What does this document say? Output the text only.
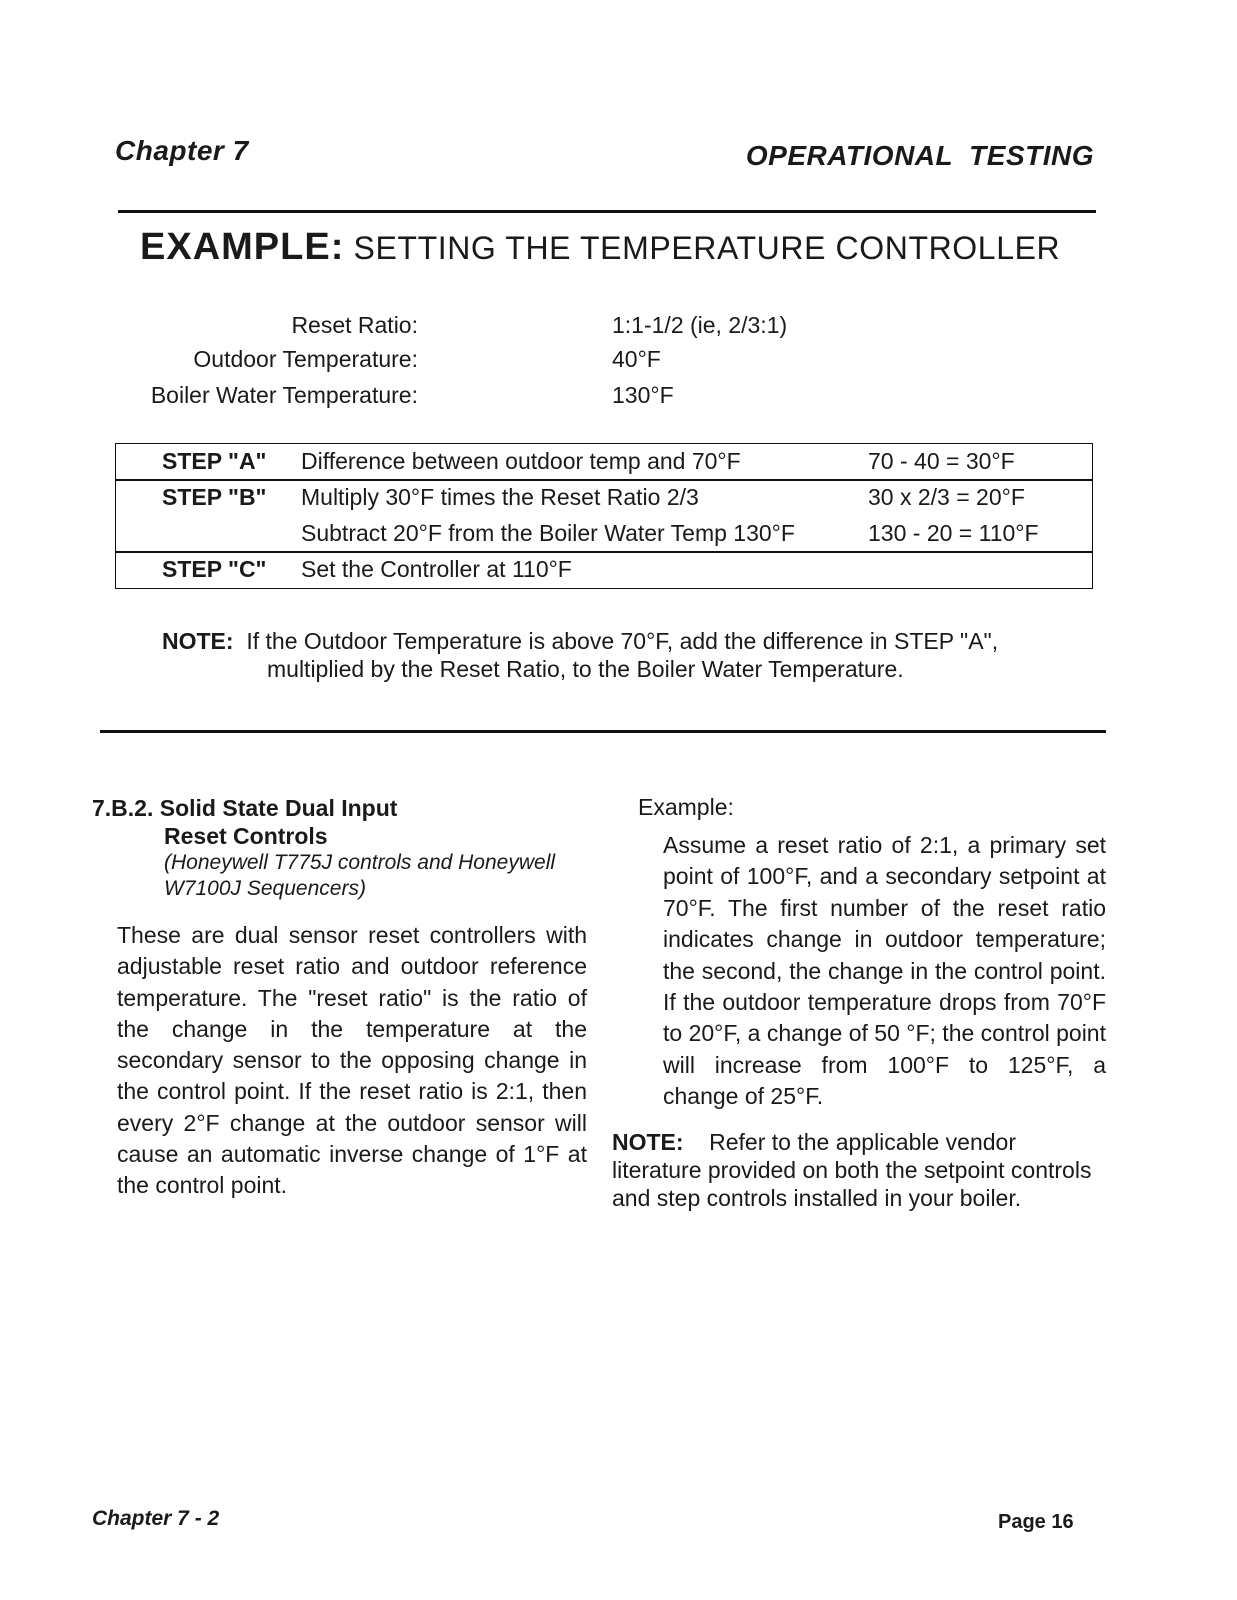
Chapter 7	OPERATIONAL  TESTING
EXAMPLE: SETTING THE TEMPERATURE CONTROLLER
Reset Ratio:	1:1-1/2 (ie, 2/3:1)
Outdoor Temperature:	40°F
Boiler Water Temperature:	130°F
STEP "A" Difference between outdoor temp and 70°F	70 - 40 = 30°F
STEP "B" Multiply 30°F times the Reset Ratio 2/3	30 x 2/3 = 20°F
Subtract 20°F from the Boiler Water Temp 130°F	130 - 20 = 110°F
STEP "C" Set the Controller at 110°F
NOTE: If the Outdoor Temperature is above 70°F, add the difference in STEP "A",
multiplied by the Reset Ratio, to the Boiler Water Temperature.
7.B.2. Solid State Dual Input
Reset Controls
(Honeywell T775J controls and Honeywell
W7100J Sequencers)
These are dual sensor reset controllers with adjustable reset ratio and outdoor reference temperature. The "reset ratio" is the ratio of the change in the temperature at the secondary sensor to the opposing change in the control point. If the reset ratio is 2:1, then every 2°F change at the outdoor sensor will cause an automatic inverse change of 1°F at the control point.
Example:
Assume a reset ratio of 2:1, a primary set point of 100°F, and a secondary setpoint at 70°F. The first number of the reset ratio indicates change in outdoor temperature; the second, the change in the control point. If the outdoor temperature drops from 70°F to 20°F, a change of 50 °F; the control point will increase from 100°F to 125°F, a change of 25°F.
NOTE: Refer to the applicable vendor literature provided on both the setpoint controls and step controls installed in your boiler.
Chapter 7 - 2	Page 16
